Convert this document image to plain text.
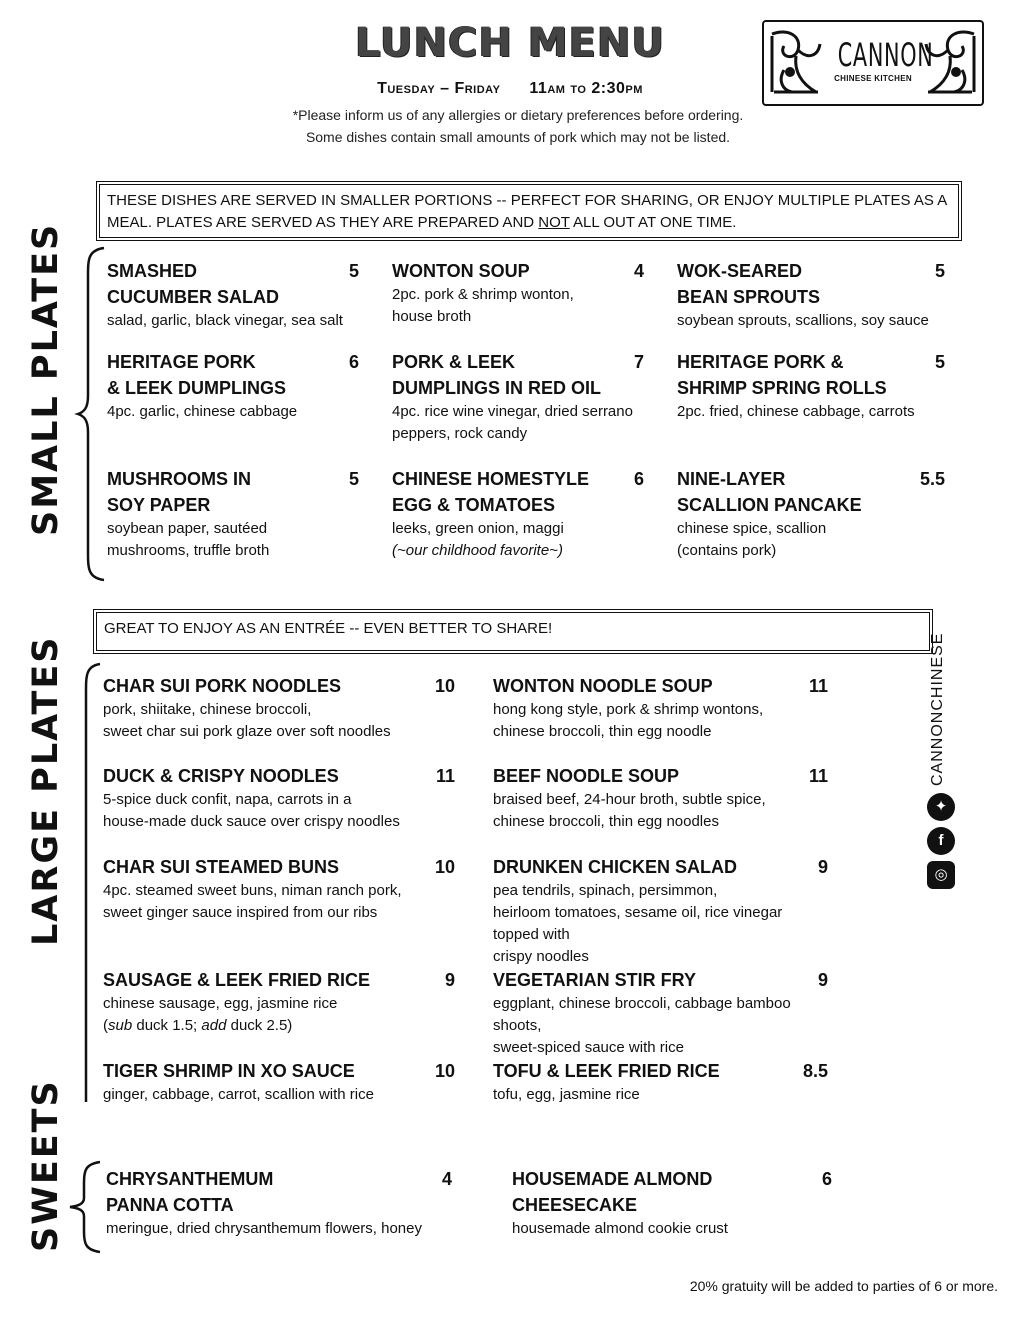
LUNCH MENU
Tuesday – Friday 11am to 2:30pm
*Please inform us of any allergies or dietary preferences before ordering.
Some dishes contain small amounts of pork which may not be listed.
CANNON
CHINESE KITCHEN
THESE DISHES ARE SERVED IN SMALLER PORTIONS -- PERFECT FOR SHARING, OR ENJOY MULTIPLE PLATES AS A MEAL. PLATES ARE SERVED AS THEY ARE PREPARED AND NOT ALL OUT AT ONE TIME.
SMALL PLATES SMASHED
CUCUMBER SALAD
5
salad, garlic, black vinegar, sea salt
WONTON SOUP	4
2pc. pork & shrimp wonton,
house broth
WOK-SEARED
BEAN SPROUTS
5
soybean sprouts, scallions, soy sauce
HERITAGE PORK
& LEEK DUMPLINGS
6
4pc. garlic, chinese cabbage
PORK & LEEK
DUMPLINGS IN RED OIL
7
4pc. rice wine vinegar, dried serrano
peppers, rock candy
HERITAGE PORK &
SHRIMP SPRING ROLLS
5
2pc. fried, chinese cabbage, carrots
MUSHROOMS IN
SOY PAPER
5
soybean paper, sautéed
mushrooms, truffle broth
CHINESE HOMESTYLE
EGG & TOMATOES
6
leeks, green onion, maggi
(~our childhood favorite~)
NINE-LAYER
SCALLION PANCAKE
5.5
chinese spice, scallion
(contains pork)
GREAT TO ENJOY AS AN ENTRÉE -- EVEN BETTER TO SHARE!
LARGE PLATES CHAR SUI PORK NOODLES	10
pork, shiitake, chinese broccoli,
sweet char sui pork glaze over soft noodles
WONTON NOODLE SOUP	11
hong kong style, pork & shrimp wontons,
chinese broccoli, thin egg noodle
DUCK & CRISPY NOODLES	11
5-spice duck confit, napa, carrots in a
house-made duck sauce over crispy noodles
BEEF NOODLE SOUP	11
braised beef, 24-hour broth, subtle spice,
chinese broccoli, thin egg noodles
CHAR SUI STEAMED BUNS	10
4pc. steamed sweet buns, niman ranch pork,
sweet ginger sauce inspired from our ribs
DRUNKEN CHICKEN SALAD	9
pea tendrils, spinach, persimmon,
heirloom tomatoes, sesame oil, rice vinegar topped with
crispy noodles
SAUSAGE & LEEK FRIED RICE	9
chinese sausage, egg, jasmine rice
(sub duck 1.5; add duck 2.5)
VEGETARIAN STIR FRY	9
eggplant, chinese broccoli, cabbage bamboo shoots,
sweet-spiced sauce with rice
TIGER SHRIMP IN XO SAUCE	10
ginger, cabbage, carrot, scallion with rice
TOFU & LEEK FRIED RICE	8.5
tofu, egg, jasmine rice
SWEETS CHRYSANTHEMUM
PANNA COTTA
4
meringue, dried chrysanthemum flowers, honey
HOUSEMADE ALMOND
CHEESECAKE
6
housemade almond cookie crust
CANNONCHINESE
✦
f
◎
20% gratuity will be added to parties of 6 or more.
